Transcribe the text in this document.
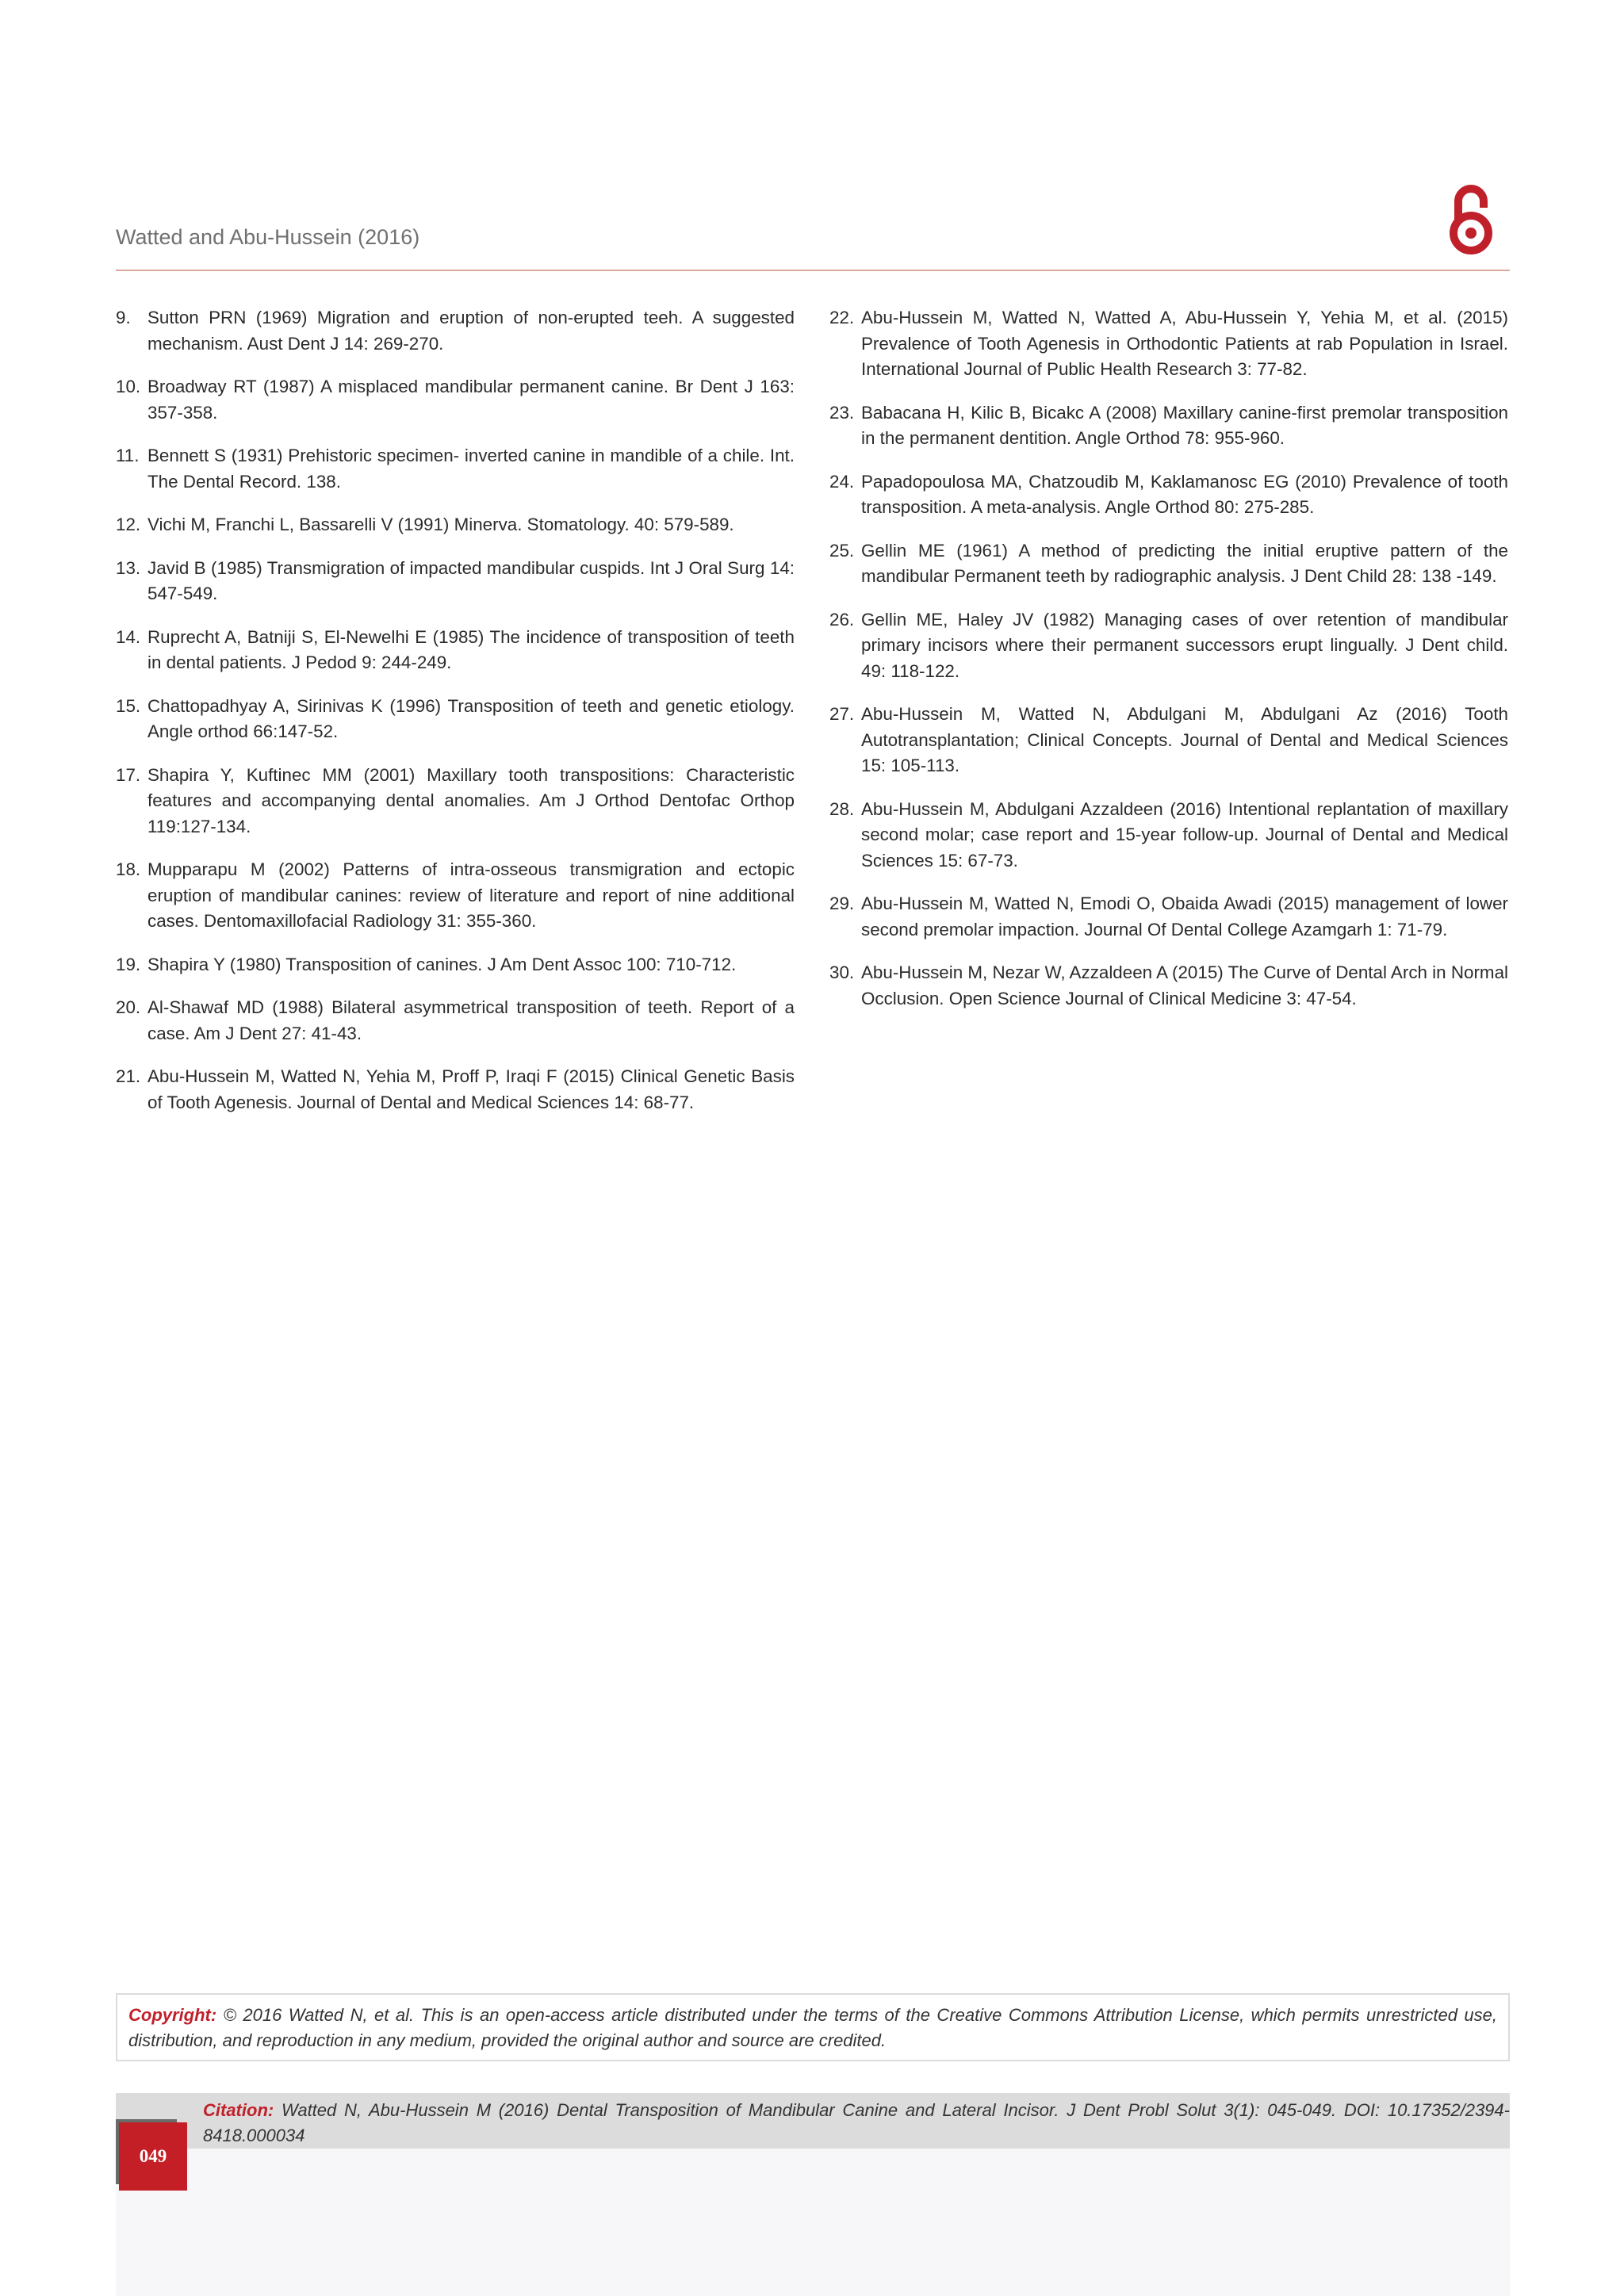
Watted and Abu-Hussein (2016)
9. Sutton PRN (1969) Migration and eruption of non-erupted teeh. A suggested mechanism. Aust Dent J 14: 269-270.
10. Broadway RT (1987) A misplaced mandibular permanent canine. Br Dent J 163: 357-358.
11. Bennett S (1931) Prehistoric specimen- inverted canine in mandible of a chile. Int. The Dental Record. 138.
12. Vichi M, Franchi L, Bassarelli V (1991) Minerva. Stomatology. 40: 579-589.
13. Javid B (1985) Transmigration of impacted mandibular cuspids. Int J Oral Surg 14: 547-549.
14. Ruprecht A, Batniji S, El-Newelhi E (1985) The incidence of transposition of teeth in dental patients. J Pedod 9: 244-249.
15. Chattopadhyay A, Sirinivas K (1996) Transposition of teeth and genetic etiology. Angle orthod 66:147-52.
17. Shapira Y, Kuftinec MM (2001) Maxillary tooth transpositions: Characteristic features and accompanying dental anomalies. Am J Orthod Dentofac Orthop 119:127-134.
18. Mupparapu M (2002) Patterns of intra-osseous transmigration and ectopic eruption of mandibular canines: review of literature and report of nine additional cases. Dentomaxillofacial Radiology 31: 355-360.
19. Shapira Y (1980) Transposition of canines. J Am Dent Assoc 100: 710-712.
20. Al-Shawaf MD (1988) Bilateral asymmetrical transposition of teeth. Report of a case. Am J Dent 27: 41-43.
21. Abu-Hussein M, Watted N, Yehia M, Proff P, Iraqi F (2015) Clinical Genetic Basis of Tooth Agenesis. Journal of Dental and Medical Sciences 14: 68-77.
22. Abu-Hussein M, Watted N, Watted A, Abu-Hussein Y, Yehia M, et al. (2015) Prevalence of Tooth Agenesis in Orthodontic Patients at rab Population in Israel. International Journal of Public Health Research 3: 77-82.
23. Babacana H, Kilic B, Bicakc A (2008) Maxillary canine-first premolar transposition in the permanent dentition. Angle Orthod 78: 955-960.
24. Papadopoulosa MA, Chatzoudib M, Kaklamanosc EG (2010) Prevalence of tooth transposition. A meta-analysis. Angle Orthod 80: 275-285.
25. Gellin ME (1961) A method of predicting the initial eruptive pattern of the mandibular Permanent teeth by radiographic analysis. J Dent Child 28: 138 -149.
26. Gellin ME, Haley JV (1982) Managing cases of over retention of mandibular primary incisors where their permanent successors erupt lingually. J Dent child. 49: 118-122.
27. Abu-Hussein M, Watted N, Abdulgani M, Abdulgani Az (2016) Tooth Autotransplantation; Clinical Concepts. Journal of Dental and Medical Sciences 15: 105-113.
28. Abu-Hussein M, Abdulgani Azzaldeen (2016) Intentional replantation of maxillary second molar; case report and 15-year follow-up. Journal of Dental and Medical Sciences 15: 67-73.
29. Abu-Hussein M, Watted N, Emodi O, Obaida Awadi (2015) management of lower second premolar impaction. Journal Of Dental College Azamgarh 1: 71-79.
30. Abu-Hussein M, Nezar W, Azzaldeen A (2015) The Curve of Dental Arch in Normal Occlusion. Open Science Journal of Clinical Medicine 3: 47-54.
Copyright: © 2016 Watted N, et al. This is an open-access article distributed under the terms of the Creative Commons Attribution License, which permits unrestricted use, distribution, and reproduction in any medium, provided the original author and source are credited.
049
Citation: Watted N, Abu-Hussein M (2016) Dental Transposition of Mandibular Canine and Lateral Incisor. J Dent Probl Solut 3(1): 045-049. DOI: 10.17352/2394-8418.000034
